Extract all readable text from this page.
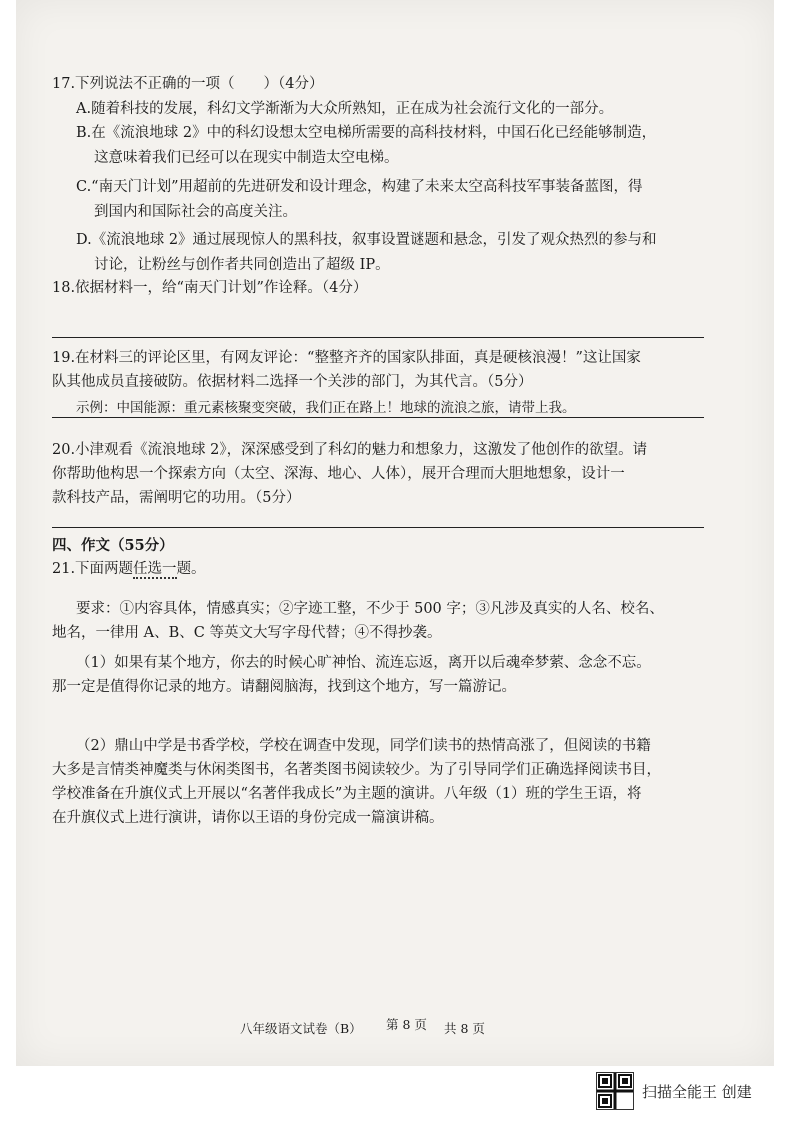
17.下列说法不正确的一项（　　）（4分）
A.随着科技的发展，科幻文学渐渐为大众所熟知，正在成为社会流行文化的一部分。
B.在《流浪地球 2》中的科幻设想太空电梯所需要的高科技材料，中国石化已经能够制造，
这意味着我们已经可以在现实中制造太空电梯。
C.“南天门计划”用超前的先进研发和设计理念，构建了未来太空高科技军事装备蓝图，得
到国内和国际社会的高度关注。
D.《流浪地球 2》通过展现惊人的黑科技，叙事设置谜题和悬念，引发了观众热烈的参与和
讨论，让粉丝与创作者共同创造出了超级 IP。
18.依据材料一，给“南天门计划”作诠释。（4分）
19.在材料三的评论区里，有网友评论：“整整齐齐的国家队排面，真是硬核浪漫！”这让国家
队其他成员直接破防。依据材料二选择一个关涉的部门，为其代言。（5分）
示例：中国能源：重元素核聚变突破，我们正在路上！地球的流浪之旅，请带上我。
20.小津观看《流浪地球 2》，深深感受到了科幻的魅力和想象力，这激发了他创作的欲望。请
你帮助他构思一个探索方向（太空、深海、地心、人体），展开合理而大胆地想象，设计一
款科技产品，需阐明它的功用。（5分）
四、作文（55分）
21.下面两题任选一题。
要求：①内容具体，情感真实；②字迹工整，不少于 500 字；③凡涉及真实的人名、校名、
地名，一律用 A、B、C 等英文大写字母代替；④不得抄袭。
（1）如果有某个地方，你去的时候心旷神怡、流连忘返，离开以后魂牵梦萦、念念不忘。
那一定是值得你记录的地方。请翻阅脑海，找到这个地方，写一篇游记。
（2）鼎山中学是书香学校，学校在调查中发现，同学们读书的热情高涨了，但阅读的书籍
大多是言情类神魔类与休闲类图书，名著类图书阅读较少。为了引导同学们正确选择阅读书目，
学校准备在升旗仪式上开展以“名著伴我成长”为主题的演讲。八年级（1）班的学生王语，将
在升旗仪式上进行演讲，请你以王语的身份完成一篇演讲稿。
八年级语文试卷（B） 第 8 页 共 8 页
扫描全能王 创建
